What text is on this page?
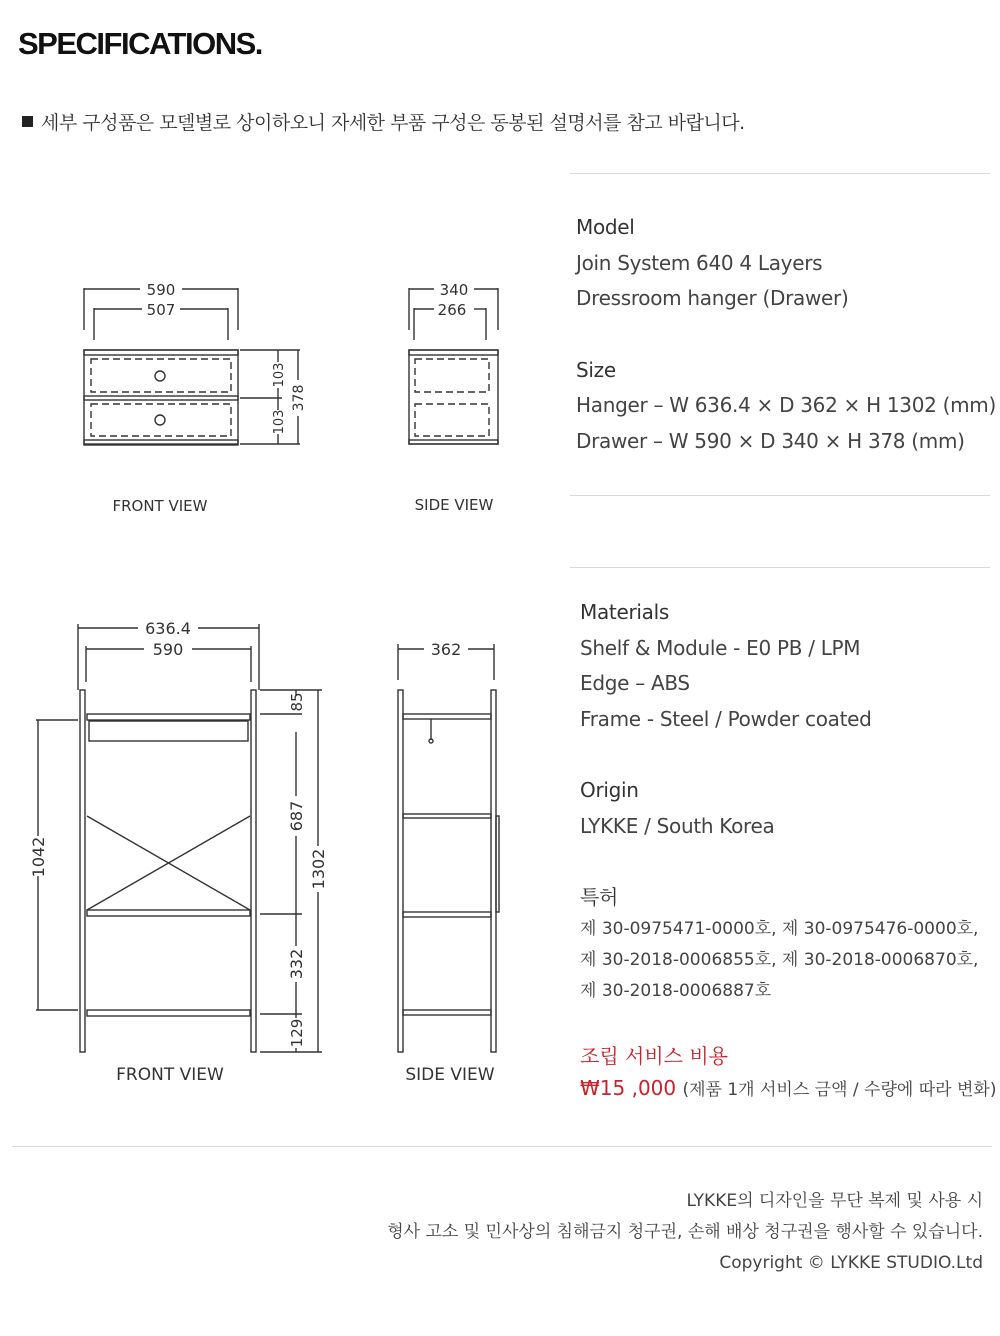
SPECIFICATIONS.
세부 구성품은 모델별로 상이하오니 자세한 부품 구성은 동봉된 설명서를 참고 바랍니다.
590
507
340
266
103
103
378
FRONT VIEW	SIDE VIEW
636.4
590	362
1042
85
687
332
129
1302
FRONT VIEW	SIDE VIEW
Model
Join System 640 4 Layers
Dressroom hanger (Drawer)
Size
Hanger – W 636.4 × D 362 × H 1302 (mm)
Drawer – W 590 × D 340 × H 378 (mm)
Materials
Shelf & Module - E0 PB / LPM
Edge – ABS
Frame - Steel / Powder coated
Origin
LYKKE / South Korea
특허
제 30-0975471-0000호, 제 30-0975476-0000호,
제 30-2018-0006855호, 제 30-2018-0006870호,
제 30-2018-0006887호
조립 서비스 비용
₩15 ,000 (제품 1개 서비스 금액 / 수량에 따라 변화)
LYKKE의 디자인을 무단 복제 및 사용 시
형사 고소 및 민사상의 침해금지 청구권, 손해 배상 청구권을 행사할 수 있습니다.
Copyright © LYKKE STUDIO.Ltd
